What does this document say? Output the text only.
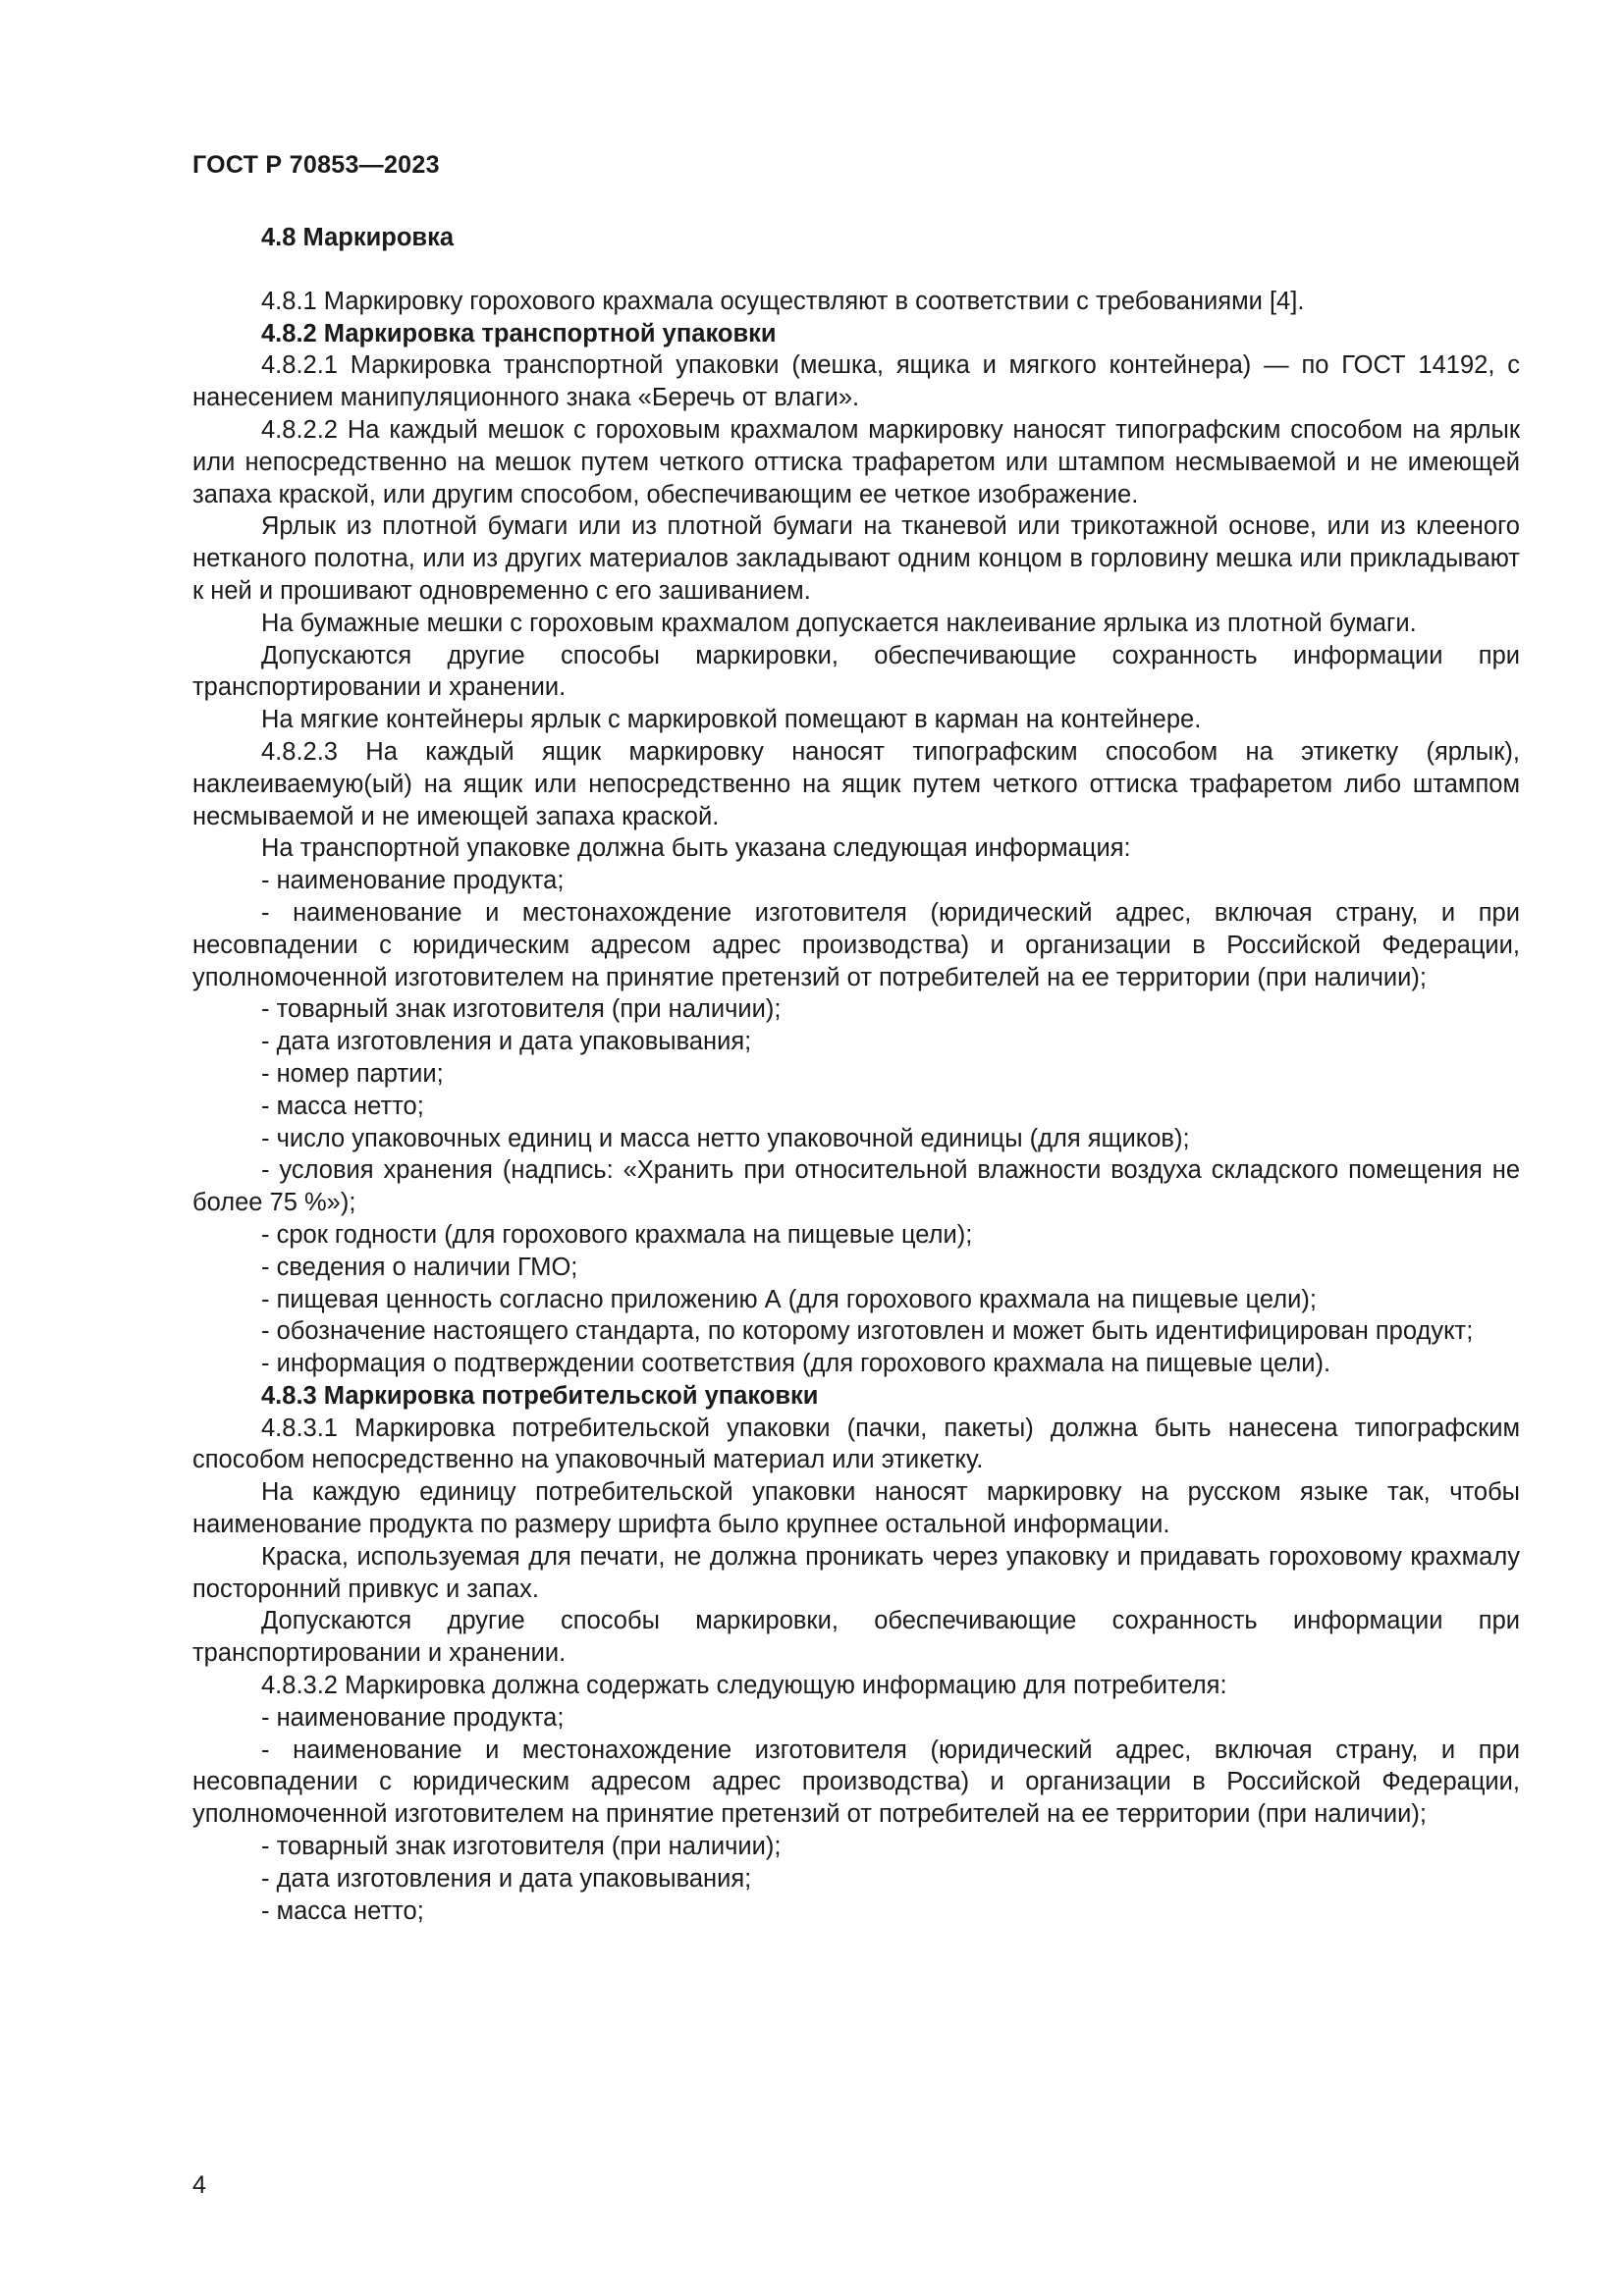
ГОСТ Р 70853—2023

4.8 Маркировка

4.8.1 Маркировку горохового крахмала осуществляют в соответствии с требованиями [4].

4.8.2 Маркировка транспортной упаковки

4.8.2.1 Маркировка транспортной упаковки (мешка, ящика и мягкого контейнера) — по ГОСТ 14192, с нанесением манипуляционного знака «Беречь от влаги».

4.8.2.2 На каждый мешок с гороховым крахмалом маркировку наносят типографским способом на ярлык или непосредственно на мешок путем четкого оттиска трафаретом или штампом несмываемой и не имеющей запаха краской, или другим способом, обеспечивающим ее четкое изображение.

Ярлык из плотной бумаги или из плотной бумаги на тканевой или трикотажной основе, или из клееного нетканого полотна, или из других материалов закладывают одним концом в горловину мешка или прикладывают к ней и прошивают одновременно с его зашиванием.

На бумажные мешки с гороховым крахмалом допускается наклеивание ярлыка из плотной бумаги.

Допускаются другие способы маркировки, обеспечивающие сохранность информации при транспортировании и хранении.

На мягкие контейнеры ярлык с маркировкой помещают в карман на контейнере.

4.8.2.3 На каждый ящик маркировку наносят типографским способом на этикетку (ярлык), наклеиваемую(ый) на ящик или непосредственно на ящик путем четкого оттиска трафаретом либо штампом несмываемой и не имеющей запаха краской.

На транспортной упаковке должна быть указана следующая информация:

- наименование продукта;

- наименование и местонахождение изготовителя (юридический адрес, включая страну, и при несовпадении с юридическим адресом адрес производства) и организации в Российской Федерации, уполномоченной изготовителем на принятие претензий от потребителей на ее территории (при наличии);

- товарный знак изготовителя (при наличии);

- дата изготовления и дата упаковывания;

- номер партии;

- масса нетто;

- число упаковочных единиц и масса нетто упаковочной единицы (для ящиков);

- условия хранения (надпись: «Хранить при относительной влажности воздуха складского помещения не более 75 %»);

- срок годности (для горохового крахмала на пищевые цели);

- сведения о наличии ГМО;

- пищевая ценность согласно приложению А (для горохового крахмала на пищевые цели);

- обозначение настоящего стандарта, по которому изготовлен и может быть идентифицирован продукт;

- информация о подтверждении соответствия (для горохового крахмала на пищевые цели).

4.8.3 Маркировка потребительской упаковки

4.8.3.1 Маркировка потребительской упаковки (пачки, пакеты) должна быть нанесена типографским способом непосредственно на упаковочный материал или этикетку.

На каждую единицу потребительской упаковки наносят маркировку на русском языке так, чтобы наименование продукта по размеру шрифта было крупнее остальной информации.

Краска, используемая для печати, не должна проникать через упаковку и придавать гороховому крахмалу посторонний привкус и запах.

Допускаются другие способы маркировки, обеспечивающие сохранность информации при транспортировании и хранении.

4.8.3.2 Маркировка должна содержать следующую информацию для потребителя:

- наименование продукта;

- наименование и местонахождение изготовителя (юридический адрес, включая страну, и при несовпадении с юридическим адресом адрес производства) и организации в Российской Федерации, уполномоченной изготовителем на принятие претензий от потребителей на ее территории (при наличии);

- товарный знак изготовителя (при наличии);

- дата изготовления и дата упаковывания;

- масса нетто;

4
